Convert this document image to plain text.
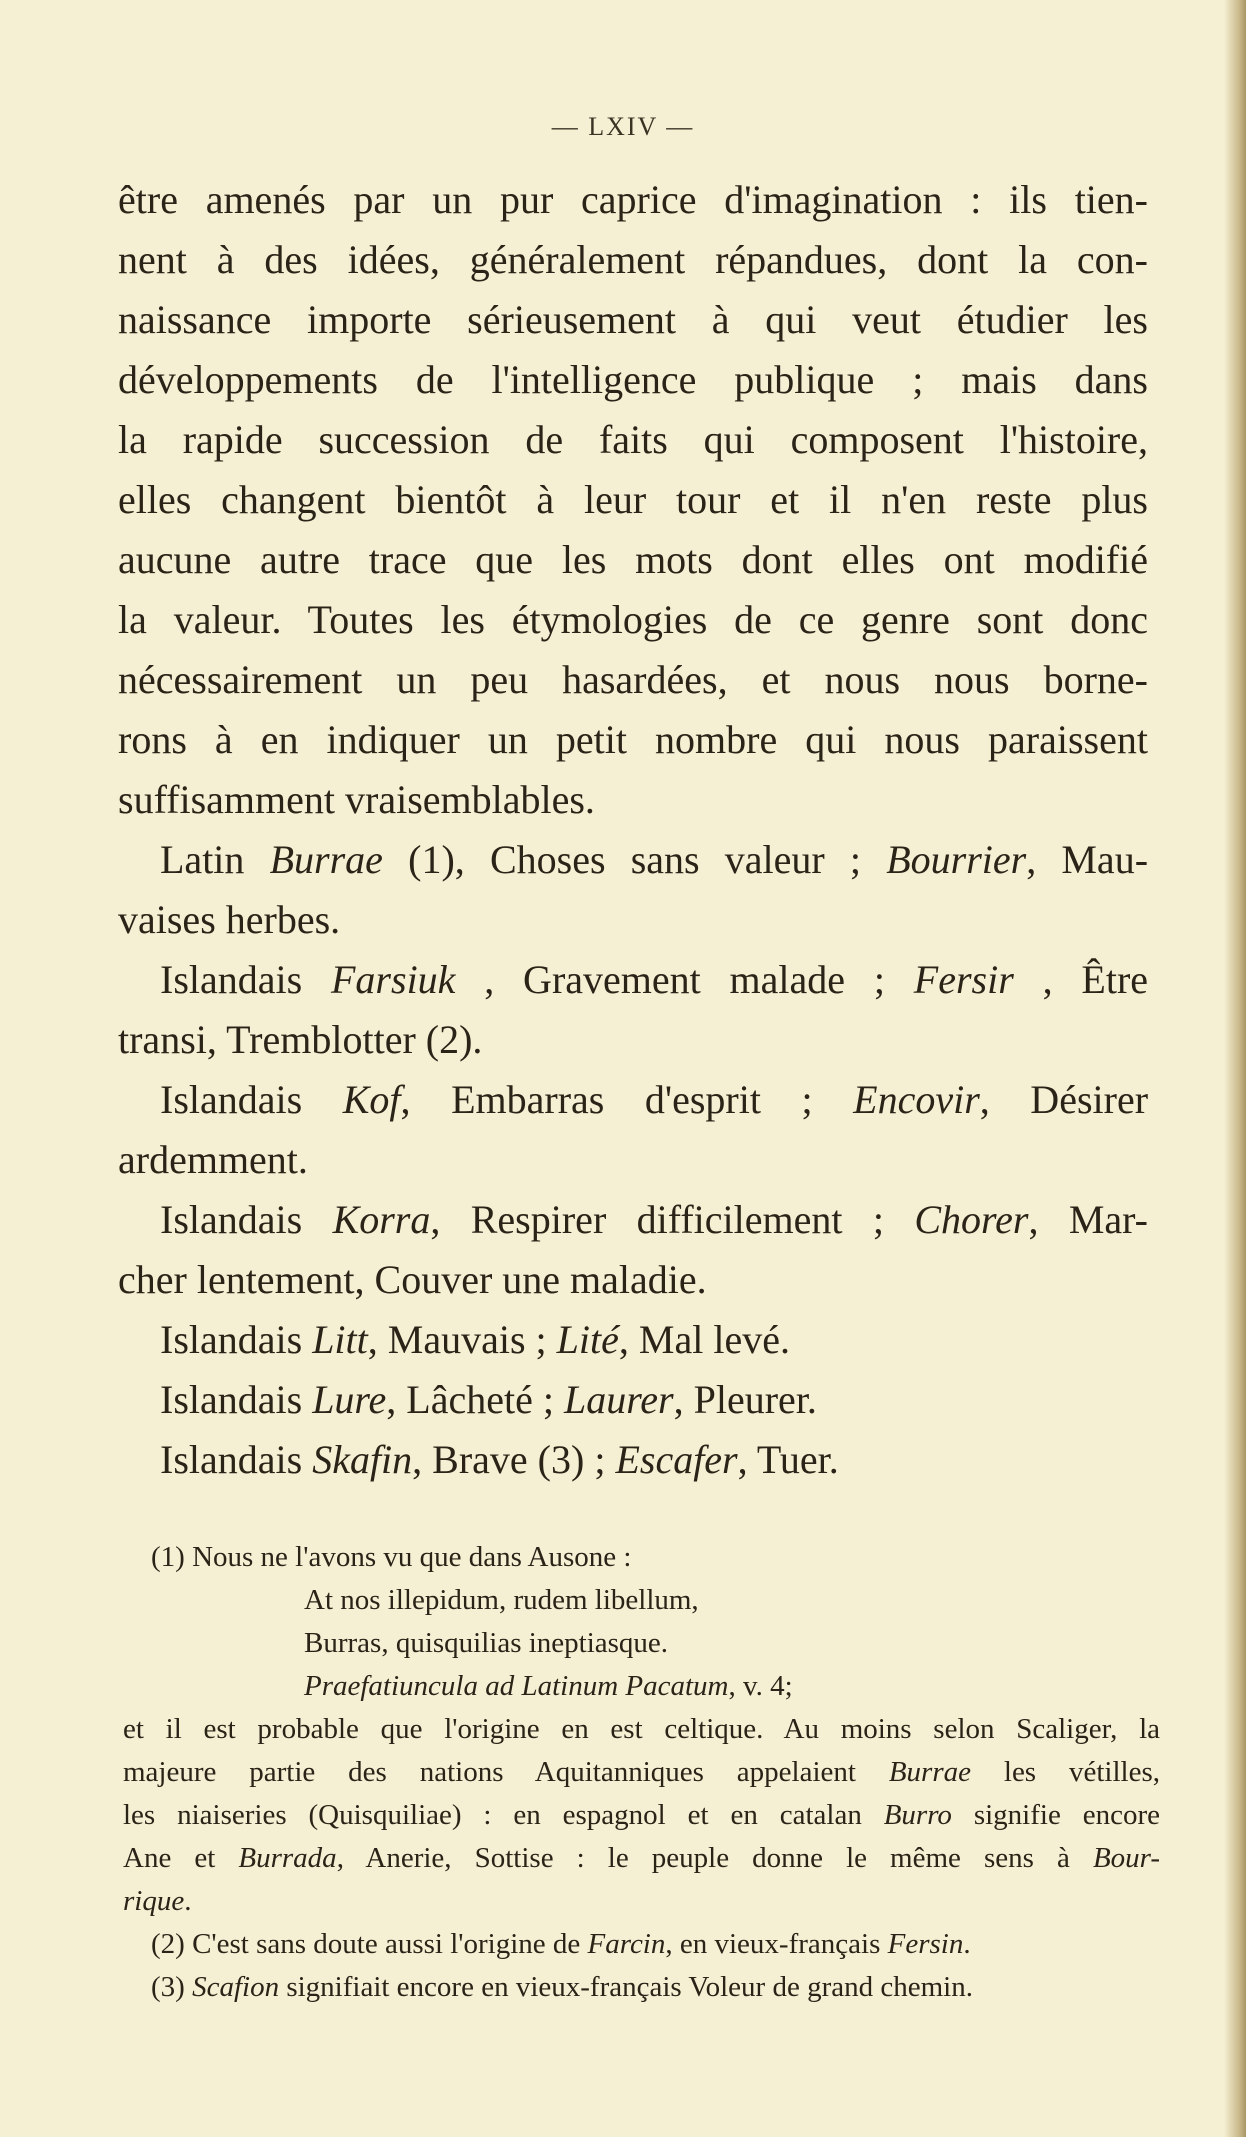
— LXIV —
être amenés par un pur caprice d'imagination : ils tien-
nent à des idées, généralement répandues, dont la con-
naissance importe sérieusement à qui veut étudier les
développements de l'intelligence publique ; mais dans
la rapide succession de faits qui composent l'histoire,
elles changent bientôt à leur tour et il n'en reste plus
aucune autre trace que les mots dont elles ont modifié
la valeur. Toutes les étymologies de ce genre sont donc
nécessairement un peu hasardées, et nous nous borne-
rons à en indiquer un petit nombre qui nous paraissent
suffisamment vraisemblables.
Latin Burrae (1), Choses sans valeur ; Bourrier, Mau-
vaises herbes.
Islandais Farsiuk , Gravement malade ; Fersir , Être
transi, Tremblotter (2).
Islandais Kof, Embarras d'esprit ; Encovir, Désirer
ardemment.
Islandais Korra, Respirer difficilement ; Chorer, Mar-
cher lentement, Couver une maladie.
Islandais Litt, Mauvais ; Lité, Mal levé.
Islandais Lure, Lâcheté ; Laurer, Pleurer.
Islandais Skafin, Brave (3) ; Escafer, Tuer.
(1) Nous ne l'avons vu que dans Ausone :
At nos illepidum, rudem libellum,
Burras, quisquilias ineptiasque.
Praefatiuncula ad Latinum Pacatum, v. 4;
et il est probable que l'origine en est celtique. Au moins selon Scaliger, la
majeure partie des nations Aquitanniques appelaient Burrae les vétilles,
les niaiseries (Quisquiliae) : en espagnol et en catalan Burro signifie encore
Ane et Burrada, Anerie, Sottise : le peuple donne le même sens à Bour-
rique.
(2) C'est sans doute aussi l'origine de Farcin, en vieux-français Fersin.
(3) Scafion signifiait encore en vieux-français Voleur de grand chemin.
